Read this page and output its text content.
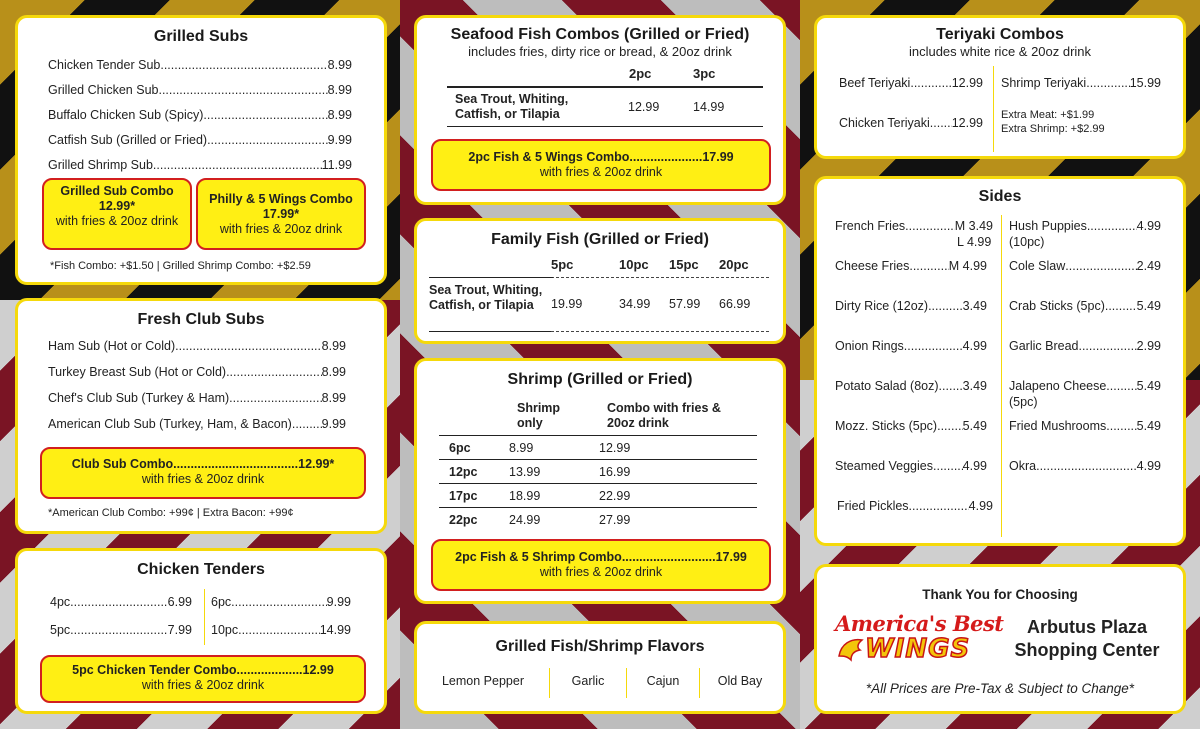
Grilled Subs
Chicken Tender Sub .....	8.99
Grilled Chicken Sub .....	8.99
Buffalo Chicken Sub (Spicy) .....	8.99
Catfish Sub (Grilled or Fried) .....	9.99
Grilled Shrimp Sub .....	11.99
Grilled Sub Combo
12.99*
with fries & 20oz drink
Philly & 5 Wings Combo
17.99*
with fries & 20oz drink
*Fish Combo: +$1.50 | Grilled Shrimp Combo: +$2.59
Fresh Club Subs
Ham Sub (Hot or Cold) .....	8.99
Turkey Breast Sub (Hot or Cold) .....	8.99
Chef's Club Sub (Turkey & Ham) .....	8.99
American Club Sub (Turkey, Ham, & Bacon) ..... 9.99
Club Sub Combo....................................12.99*
with fries & 20oz drink
*American Club Combo: +99¢ | Extra Bacon: +99¢
Chicken Tenders
4pc .....	6.99 6pc .....	9.99
5pc .....	7.99 10pc .....	14.99
5pc Chicken Tender Combo...................12.99
with fries & 20oz drink
Seafood Fish Combos (Grilled or Fried)
includes fries, dirty rice or bread, & 20oz drink
2pc	3pc
Sea Trout, Whiting, Catfish, or Tilapia	12.99	14.99
2pc Fish & 5 Wings Combo.....................17.99
with fries & 20oz drink
Family Fish (Grilled or Fried)
5pc	10pc 15pc 20pc
Sea Trout, Whiting, Catfish, or Tilapia	19.99	34.99 57.99 66.99
Shrimp (Grilled or Fried)
Shrimp only
Combo with fries & 20oz drink
6pc	8.99	12.99
12pc	13.99	16.99
17pc	18.99	22.99
22pc	24.99	27.99
2pc Fish & 5 Shrimp Combo...........................17.99
with fries & 20oz drink
Grilled Fish/Shrimp Flavors
Lemon Pepper	Garlic	Cajun	Old Bay
Teriyaki Combos
includes white rice & 20oz drink
Beef Teriyaki .....	12.99 Shrimp Teriyaki .....	15.99
Chicken Teriyaki. ..... 12.99
Extra Meat: +$1.99
Extra Shrimp: +$2.99
Sides
French Fries .....	M 3.49
L 4.99
Cheese Fries .....	M 4.99
Dirty Rice (12oz) .....	3.49
Onion Rings .....	4.99
Potato Salad (8oz) ..... 3.49
Mozz. Sticks (5pc) ..... 5.49
Steamed Veggies ..... 4.99
Fried Pickles .....	4.99
Hush Puppies .....	4.99
(10pc)
Cole Slaw .....	2.49
Crab Sticks (5pc) .....	5.49
Garlic Bread .....	2.99
Jalapeno Cheese ..... 5.49
(5pc)
Fried Mushrooms ..... 5.49
Okra .....	4.99
Thank You for Choosing
America's Best
WINGS
Arbutus Plaza
Shopping Center
*All Prices are Pre-Tax & Subject to Change*
